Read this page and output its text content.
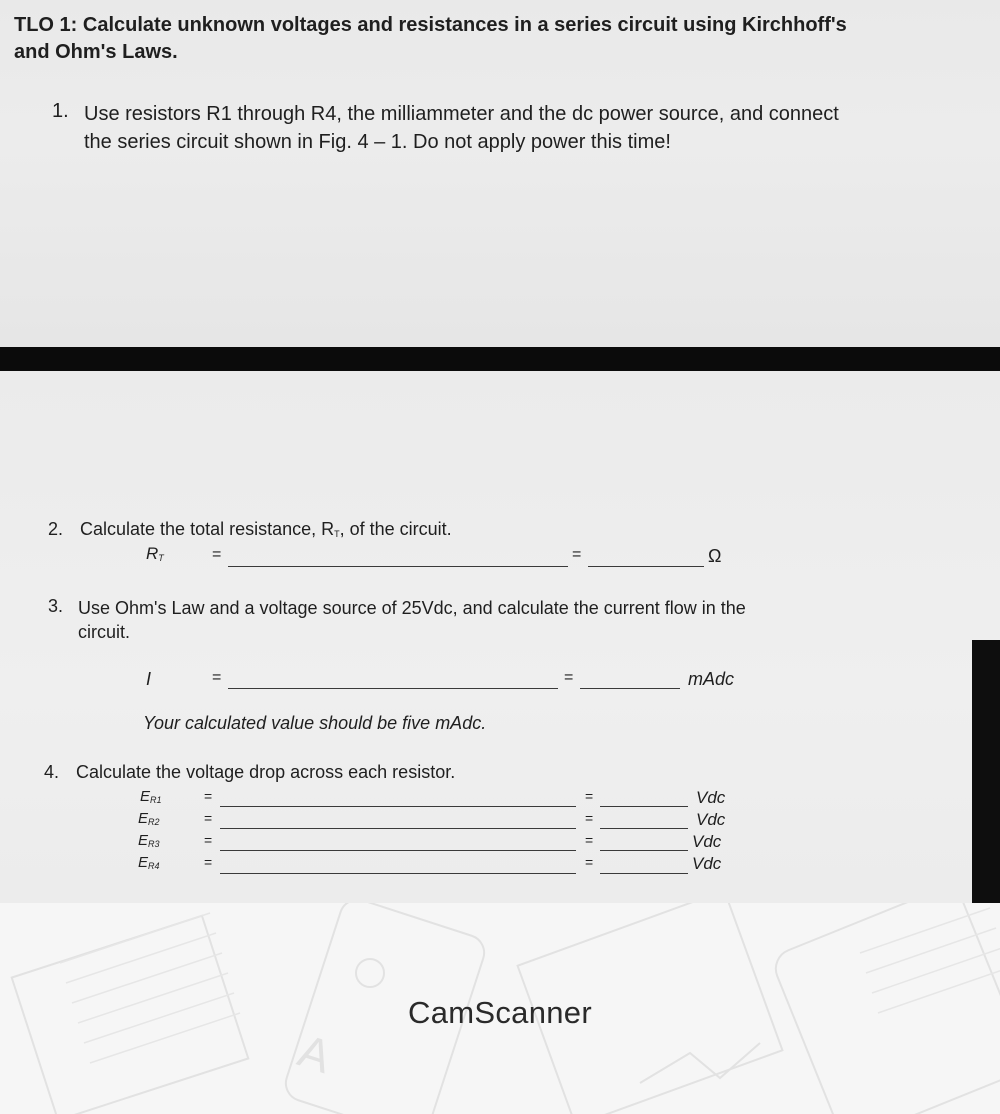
TLO 1: Calculate unknown voltages and resistances in a series circuit using Kirchhoff's
and Ohm's Laws.
1. Use resistors R1 through R4, the milliammeter and the dc power source, and connect
the series circuit shown in Fig. 4 – 1. Do not apply power this time!
2. Calculate the total resistance, $R_T$, of the circuit.
$R_T$	=	=	Ω
3. Use Ohm's Law and a voltage source of 25Vdc, and calculate the current flow in the
circuit.
I	=	=	mAdc
Your calculated value should be five mAdc.
4. Calculate the voltage drop across each resistor.
$E_{R1}$	=	=	Vdc
$E_{R2}$	=	=	Vdc
$E_{R3}$	=	=	Vdc
$E_{R4}$	=	=	Vdc
A
CamScanner
